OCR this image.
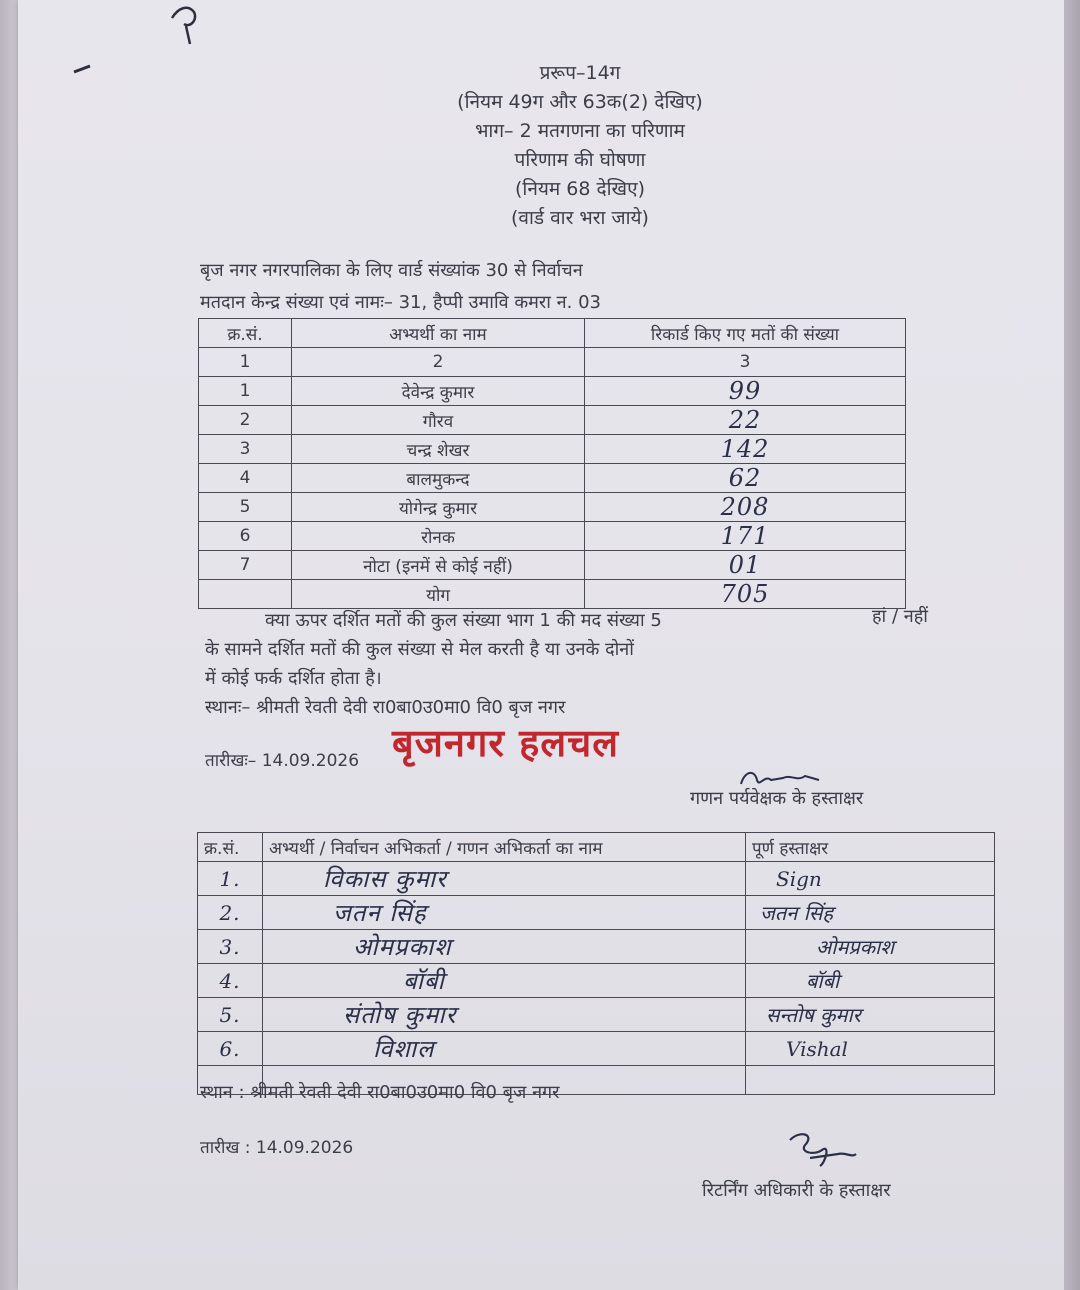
प्ररूप–14ग
(नियम 49ग और 63क(2) देखिए)
भाग– 2 मतगणना का परिणाम
परिणाम की घोषणा
(नियम 68 देखिए)
(वार्ड वार भरा जाये)
बृज नगर नगरपालिका के लिए वार्ड संख्यांक 30 से निर्वाचन
मतदान केन्द्र संख्या एवं नामः– 31, हैप्पी उमावि कमरा न. 03
क्र.सं.	अभ्यर्थी का नाम	रिकार्ड किए गए मतों की संख्या
1	2	3
1	देवेन्द्र कुमार	99
2	गौरव	22
3	चन्द्र शेखर	142
4	बालमुकन्द	62
5	योगेन्द्र कुमार	208
6	रोनक	171
7	नोटा (इनमें से कोई नहीं)	01
	योग	705
क्या ऊपर दर्शित मतों की कुल संख्या भाग 1 की मद संख्या 5	हां / नहीं
के सामने दर्शित मतों की कुल संख्या से मेल करती है या उनके दोनों
में कोई फर्क दर्शित होता है।
स्थानः– श्रीमती रेवती देवी रा0बा0उ0मा0 वि0 बृज नगर
तारीखः– 14.09.2026 बृजनगर हलचल
गणन पर्यवेक्षक के हस्ताक्षर
क्र.सं.	अभ्यर्थी / निर्वाचन अभिकर्ता / गणन अभिकर्ता का नाम	पूर्ण हस्ताक्षर
1.	विकास कुमार	Sign
2.	जतन सिंह	जतन सिंह
3.	ओमप्रकाश	ओमप्रकाश
4.	बॉबी	बॉबी
5.	संतोष कुमार	सन्तोष कुमार
6.	विशाल	Vishal

स्थान : श्रीमती रेवती देवी रा0बा0उ0मा0 वि0 बृज नगर
तारीख : 14.09.2026
रिटर्निंग अधिकारी के हस्ताक्षर
